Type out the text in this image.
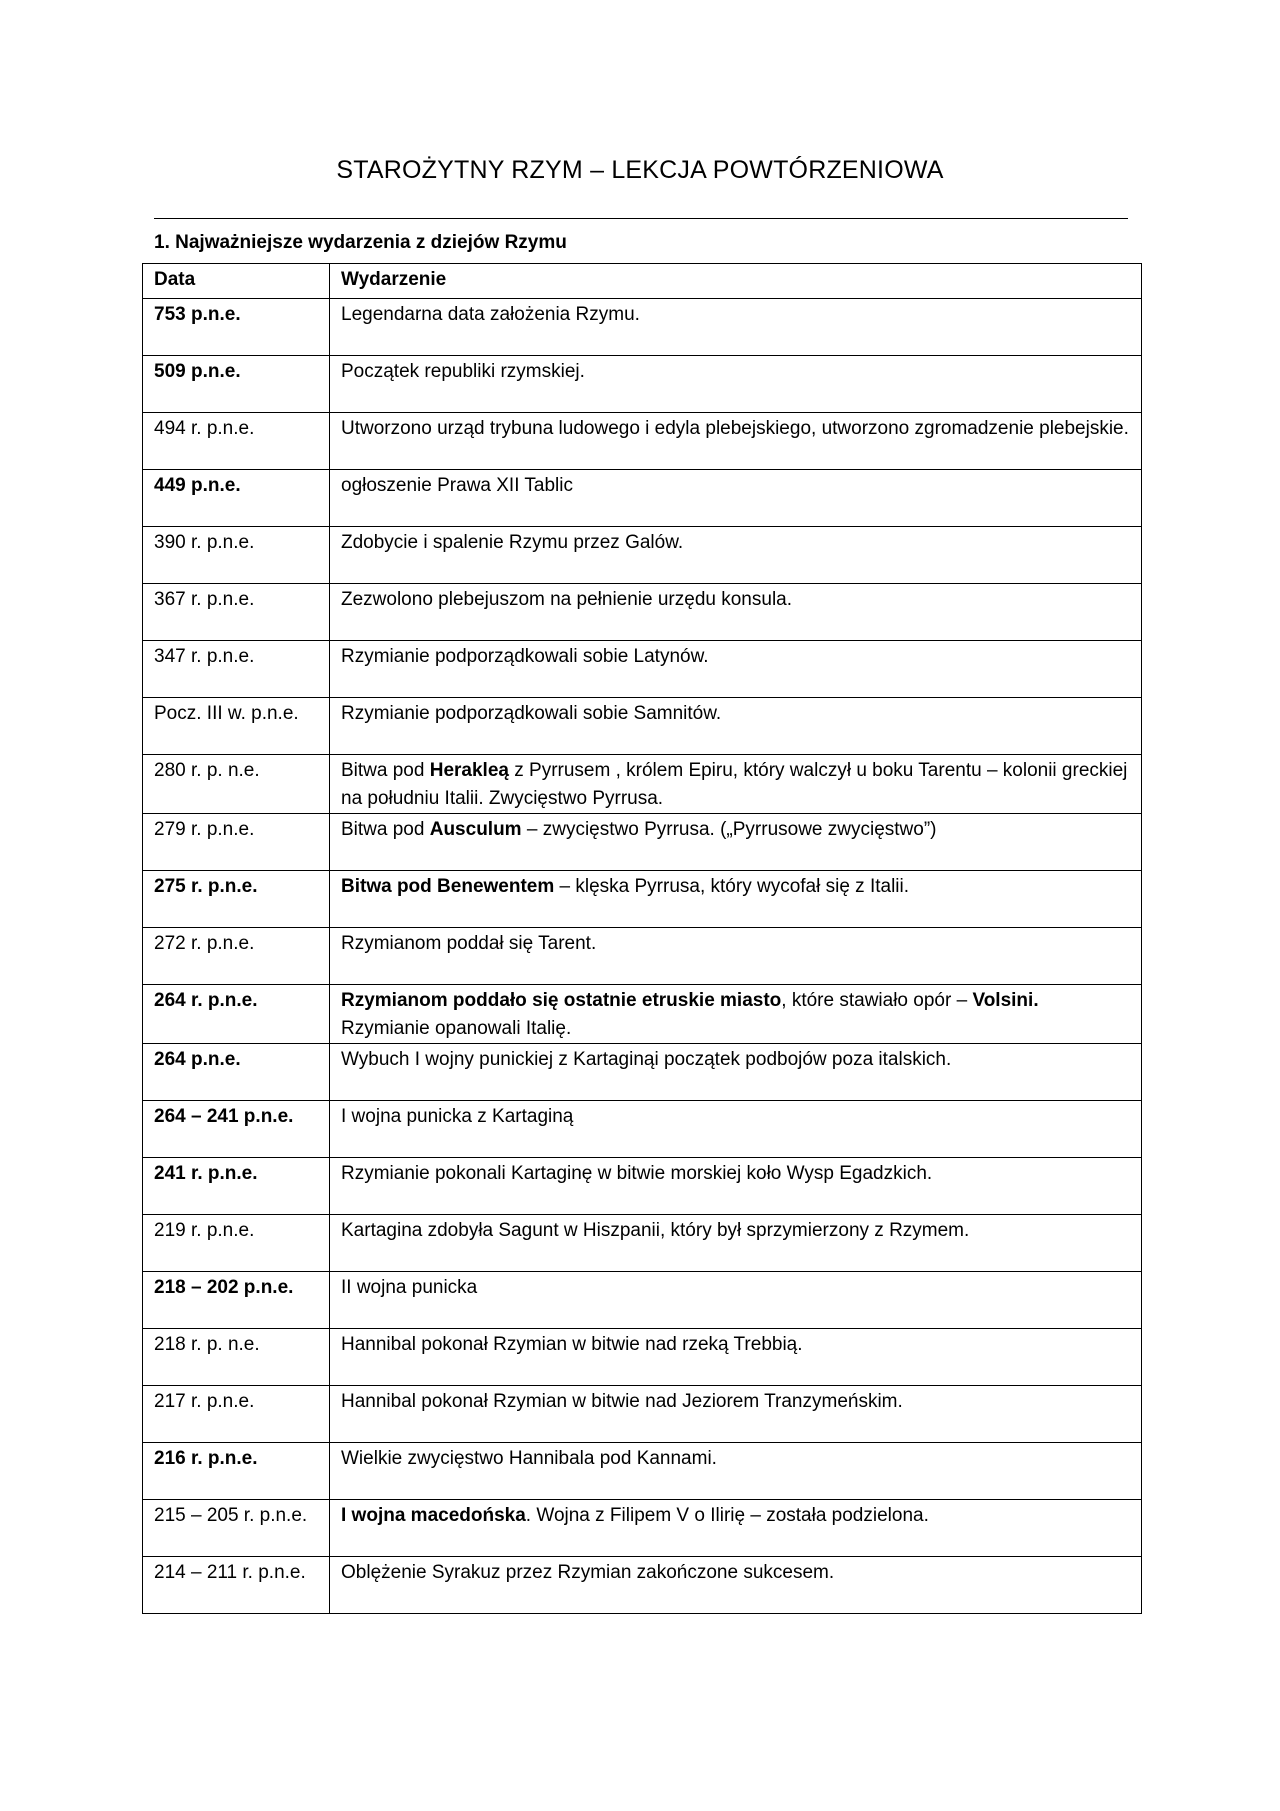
STAROŻYTNY RZYM – LEKCJA POWTÓRZENIOWA
1. Najważniejsze wydarzenia z dziejów Rzymu
Data	Wydarzenie
753 p.n.e.	Legendarna data założenia Rzymu.
509 p.n.e.	Początek republiki rzymskiej.
494 r. p.n.e.	Utworzono urząd trybuna ludowego i edyla plebejskiego, utworzono zgromadzenie plebejskie.
449 p.n.e.	ogłoszenie Prawa XII Tablic
390 r. p.n.e.	Zdobycie i spalenie Rzymu przez Galów.
367 r. p.n.e.	Zezwolono plebejuszom na pełnienie urzędu konsula.
347 r. p.n.e.	Rzymianie podporządkowali sobie Latynów.
Pocz. III w. p.n.e.	Rzymianie podporządkowali sobie Samnitów.
280 r. p. n.e.	Bitwa pod Herakleą z Pyrrusem , królem Epiru, który walczył u boku Tarentu – kolonii greckiej na południu Italii. Zwycięstwo Pyrrusa.
279 r. p.n.e.	Bitwa pod Ausculum – zwycięstwo Pyrrusa. („Pyrrusowe zwycięstwo”)
275 r. p.n.e.	Bitwa pod Benewentem – klęska Pyrrusa, który wycofał się z Italii.
272 r. p.n.e.	Rzymianom poddał się Tarent.
264 r. p.n.e.	Rzymianom poddało się ostatnie etruskie miasto, które stawiało opór – Volsini. Rzymianie opanowali Italię.
264 p.n.e.	Wybuch I wojny punickiej z Kartaginąi początek podbojów poza italskich.
264 – 241 p.n.e.	I wojna punicka z Kartaginą
241 r. p.n.e.	Rzymianie pokonali Kartaginę w bitwie morskiej koło Wysp Egadzkich.
219 r. p.n.e.	Kartagina zdobyła Sagunt w Hiszpanii, który był sprzymierzony z Rzymem.
218 – 202 p.n.e.	II wojna punicka
218 r. p. n.e.	Hannibal pokonał Rzymian w bitwie nad rzeką Trebbią.
217 r. p.n.e.	Hannibal pokonał Rzymian w bitwie nad Jeziorem Tranzymeńskim.
216 r. p.n.e.	Wielkie zwycięstwo Hannibala pod Kannami.
215 – 205 r. p.n.e.	I wojna macedońska. Wojna z Filipem V o Ilirię – została podzielona.
214 – 211 r. p.n.e.	Oblężenie Syrakuz przez Rzymian zakończone sukcesem.
